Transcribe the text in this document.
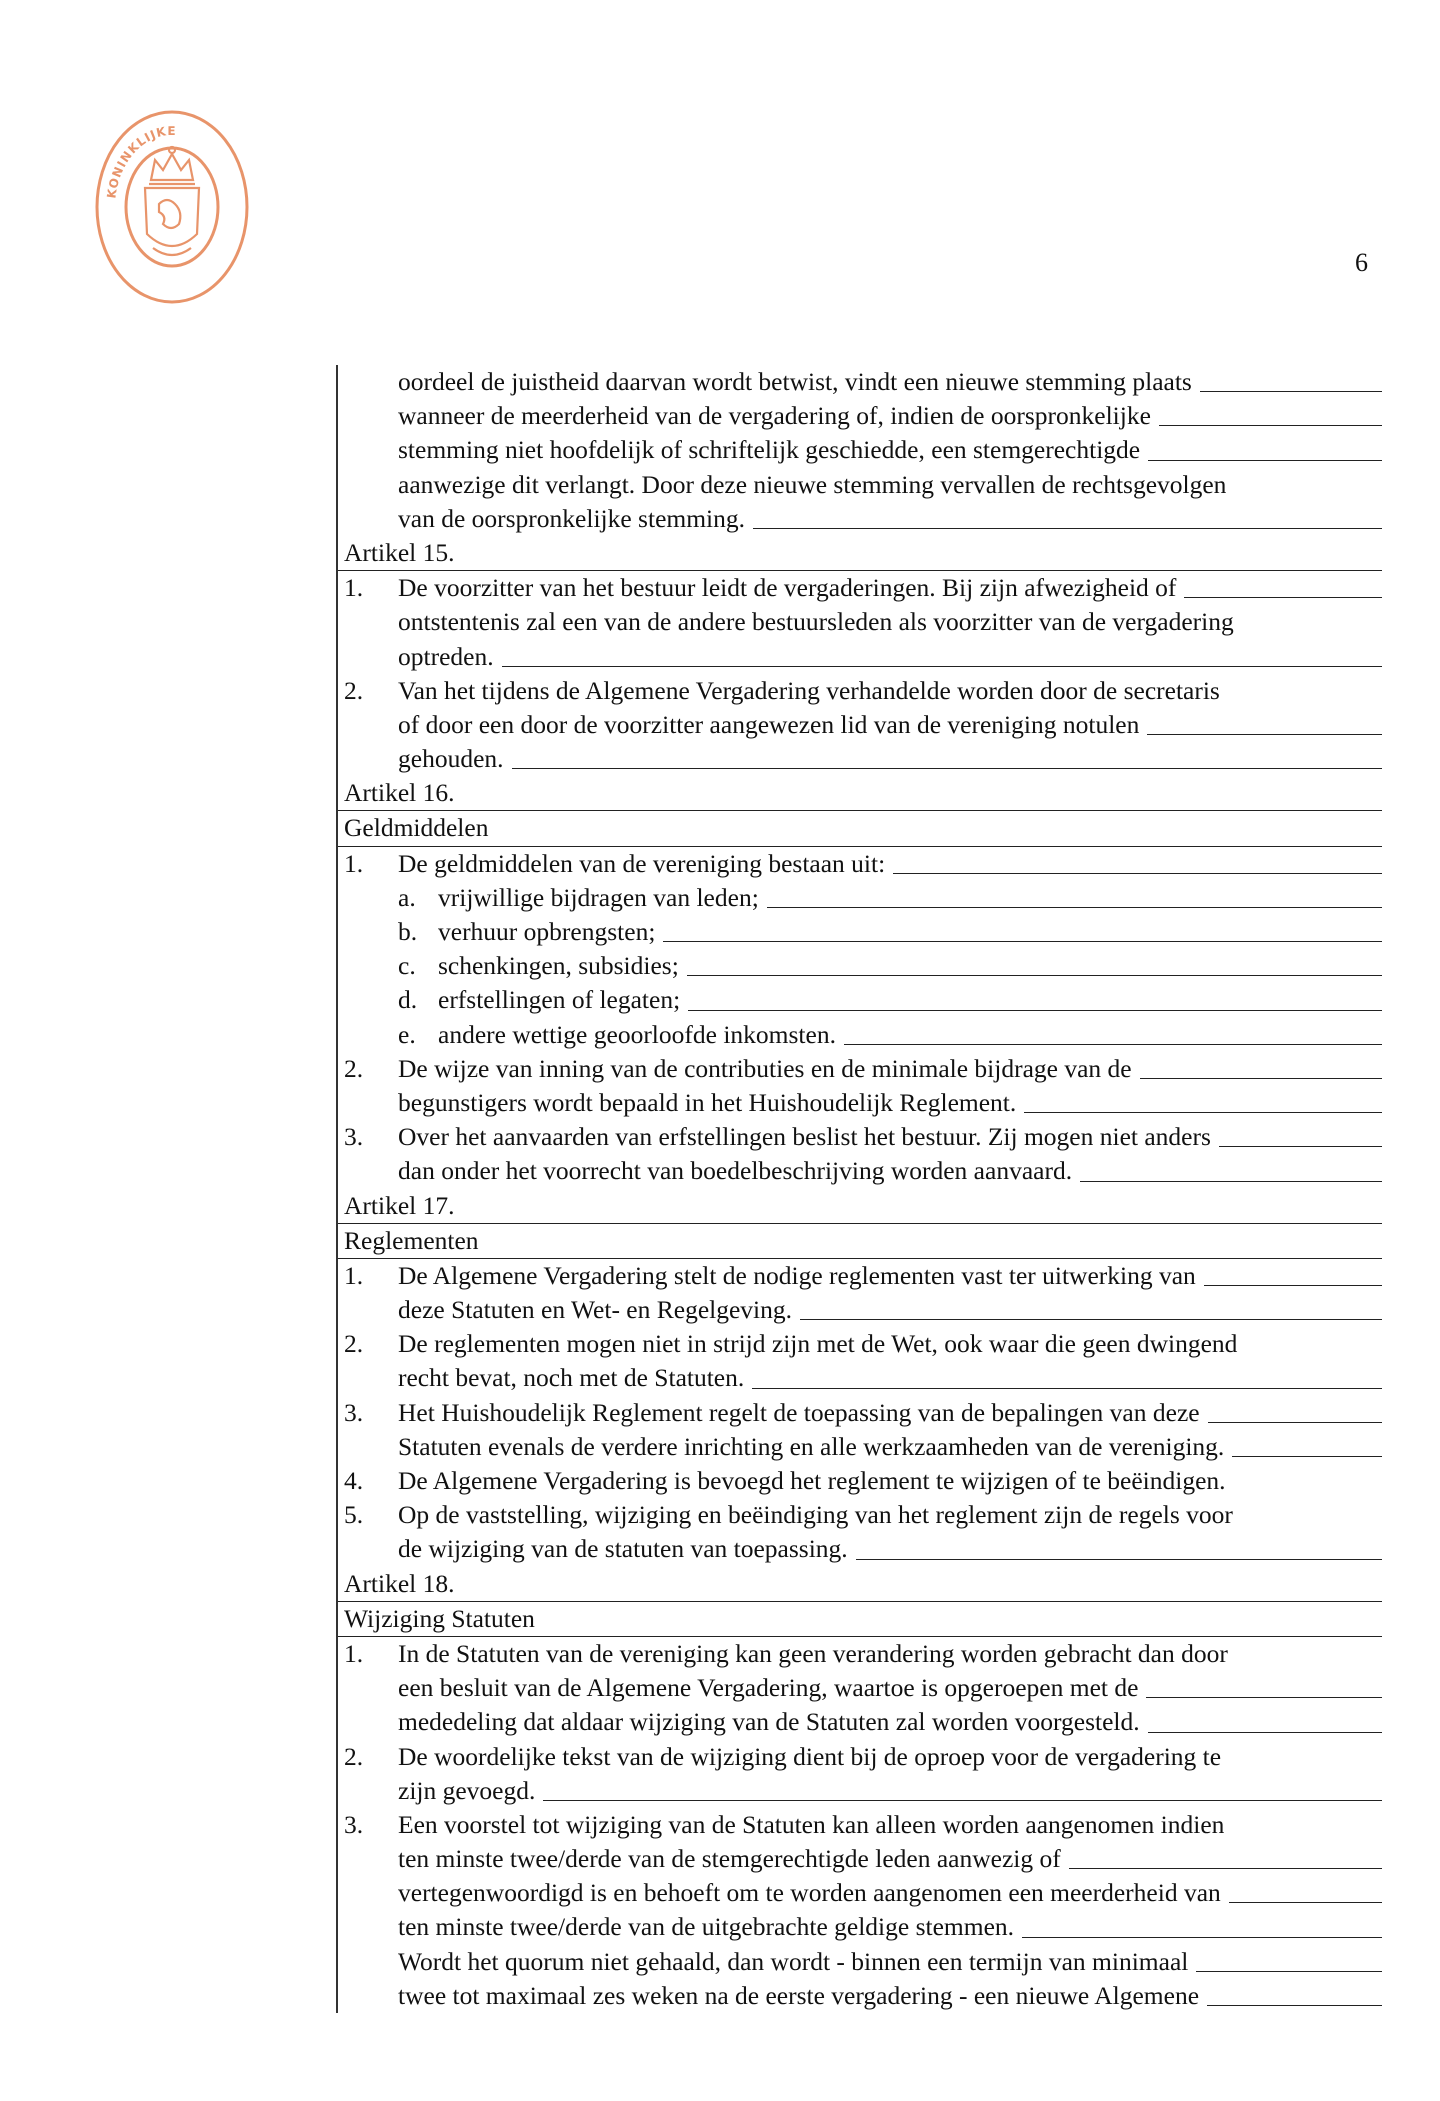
KONINKLIJKE
6
oordeel de juistheid daarvan wordt betwist, vindt een nieuwe stemming plaats
wanneer de meerderheid van de vergadering of, indien de oorspronkelijke
stemming niet hoofdelijk of schriftelijk geschiedde, een stemgerechtigde
aanwezige dit verlangt. Door deze nieuwe stemming vervallen de rechtsgevolgen
van de oorspronkelijke stemming.
Artikel 15.
1.	De voorzitter van het bestuur leidt de vergaderingen. Bij zijn afwezigheid of
ontstentenis zal een van de andere bestuursleden als voorzitter van de vergadering
optreden.
2.	Van het tijdens de Algemene Vergadering verhandelde worden door de secretaris
of door een door de voorzitter aangewezen lid van de vereniging notulen
gehouden.
Artikel 16.
Geldmiddelen
1.	De geldmiddelen van de vereniging bestaan uit:
a. vrijwillige bijdragen van leden;
b. verhuur opbrengsten;
c. schenkingen, subsidies;
d. erfstellingen of legaten;
e. andere wettige geoorloofde inkomsten.
2.	De wijze van inning van de contributies en de minimale bijdrage van de
begunstigers wordt bepaald in het Huishoudelijk Reglement.
3.	Over het aanvaarden van erfstellingen beslist het bestuur. Zij mogen niet anders
dan onder het voorrecht van boedelbeschrijving worden aanvaard.
Artikel 17.
Reglementen
1.	De Algemene Vergadering stelt de nodige reglementen vast ter uitwerking van
deze Statuten en Wet- en Regelgeving.
2.	De reglementen mogen niet in strijd zijn met de Wet, ook waar die geen dwingend
recht bevat, noch met de Statuten.
3.	Het Huishoudelijk Reglement regelt de toepassing van de bepalingen van deze
Statuten evenals de verdere inrichting en alle werkzaamheden van de vereniging.
4.	De Algemene Vergadering is bevoegd het reglement te wijzigen of te beëindigen.
5.	Op de vaststelling, wijziging en beëindiging van het reglement zijn de regels voor
de wijziging van de statuten van toepassing.
Artikel 18.
Wijziging Statuten
1.	In de Statuten van de vereniging kan geen verandering worden gebracht dan door
een besluit van de Algemene Vergadering, waartoe is opgeroepen met de
mededeling dat aldaar wijziging van de Statuten zal worden voorgesteld.
2.	De woordelijke tekst van de wijziging dient bij de oproep voor de vergadering te
zijn gevoegd.
3.	Een voorstel tot wijziging van de Statuten kan alleen worden aangenomen indien
ten minste twee/derde van de stemgerechtigde leden aanwezig of
vertegenwoordigd is en behoeft om te worden aangenomen een meerderheid van
ten minste twee/derde van de uitgebrachte geldige stemmen.
Wordt het quorum niet gehaald, dan wordt - binnen een termijn van minimaal
twee tot maximaal zes weken na de eerste vergadering - een nieuwe Algemene
